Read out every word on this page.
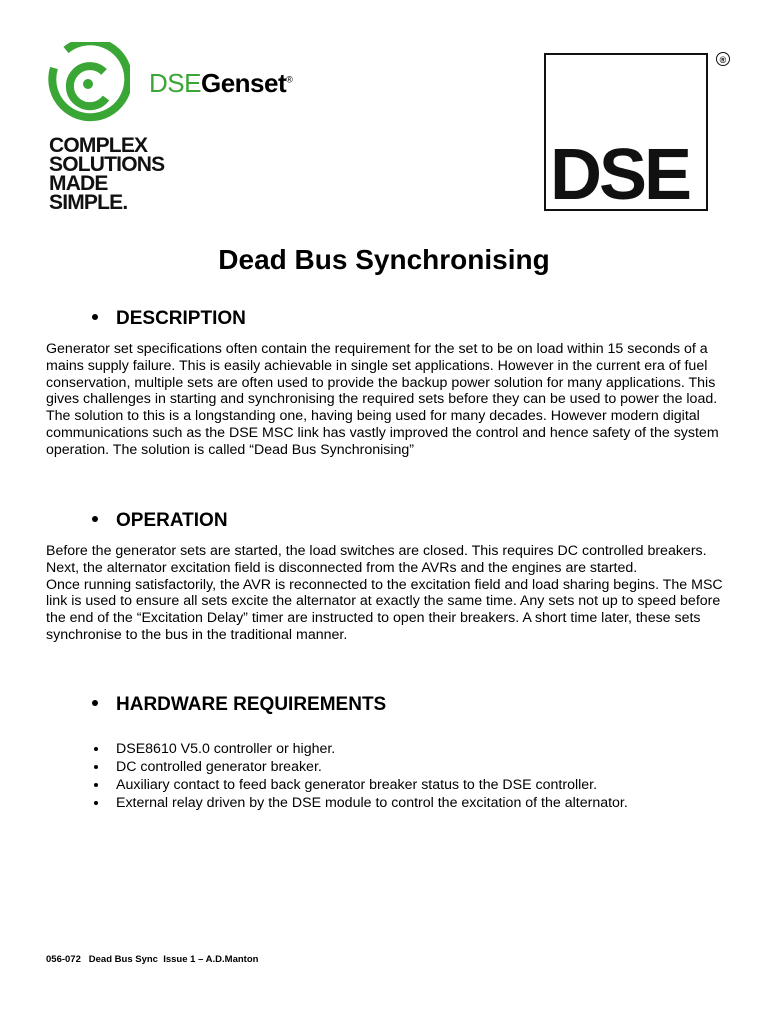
DSEGenset®
COMPLEX
SOLUTIONS
MADE
SIMPLE.	DSE
®
Dead Bus Synchronising
DESCRIPTION

Generator set specifications often contain the requirement for the set to be on load within 15 seconds of a mains supply failure. This is easily achievable in single set applications. However in the current era of fuel conservation, multiple sets are often used to provide the backup power solution for many applications. This gives challenges in starting and synchronising the required sets before they can be used to power the load.

The solution to this is a longstanding one, having being used for many decades. However modern digital communications such as the DSE MSC link has vastly improved the control and hence safety of the system operation. The solution is called “Dead Bus Synchronising”

OPERATION

Before the generator sets are started, the load switches are closed. This requires DC controlled breakers. Next, the alternator excitation field is disconnected from the AVRs and the engines are started.

Once running satisfactorily, the AVR is reconnected to the excitation field and load sharing begins. The MSC link is used to ensure all sets excite the alternator at exactly the same time. Any sets not up to speed before the end of the “Excitation Delay” timer are instructed to open their breakers. A short time later, these sets synchronise to the bus in the traditional manner.

HARDWARE REQUIREMENTS
DSE8610 V5.0 controller or higher.
DC controlled generator breaker.
Auxiliary contact to feed back generator breaker status to the DSE controller.
External relay driven by the DSE module to control the excitation of the alternator.
056-072   Dead Bus Sync  Issue 1 – A.D.Manton
